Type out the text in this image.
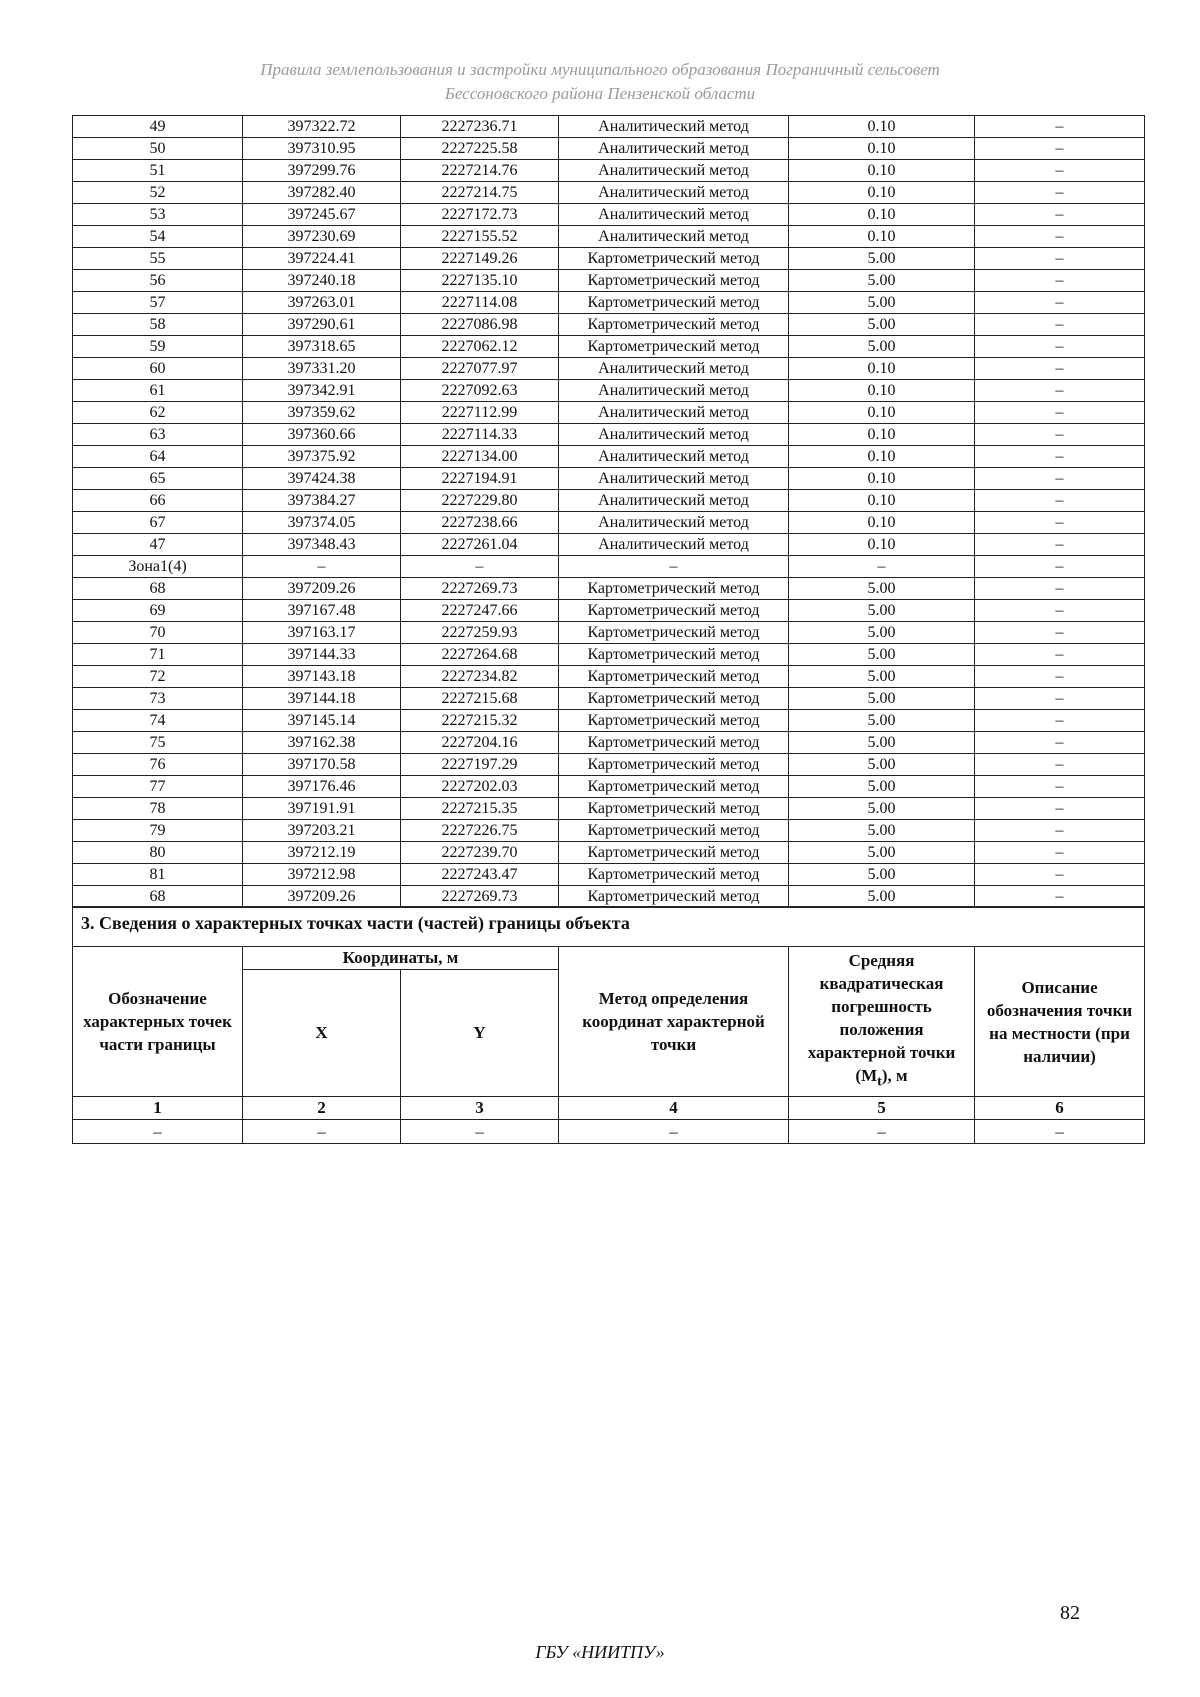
Правила землепользования и застройки муниципального образования Пограничный сельсовет
Бессоновского района Пензенской области
49	397322.72	2227236.71	Аналитический метод	0.10	–
50	397310.95	2227225.58	Аналитический метод	0.10	–
51	397299.76	2227214.76	Аналитический метод	0.10	–
52	397282.40	2227214.75	Аналитический метод	0.10	–
53	397245.67	2227172.73	Аналитический метод	0.10	–
54	397230.69	2227155.52	Аналитический метод	0.10	–
55	397224.41	2227149.26	Картометрический метод	5.00	–
56	397240.18	2227135.10	Картометрический метод	5.00	–
57	397263.01	2227114.08	Картометрический метод	5.00	–
58	397290.61	2227086.98	Картометрический метод	5.00	–
59	397318.65	2227062.12	Картометрический метод	5.00	–
60	397331.20	2227077.97	Аналитический метод	0.10	–
61	397342.91	2227092.63	Аналитический метод	0.10	–
62	397359.62	2227112.99	Аналитический метод	0.10	–
63	397360.66	2227114.33	Аналитический метод	0.10	–
64	397375.92	2227134.00	Аналитический метод	0.10	–
65	397424.38	2227194.91	Аналитический метод	0.10	–
66	397384.27	2227229.80	Аналитический метод	0.10	–
67	397374.05	2227238.66	Аналитический метод	0.10	–
47	397348.43	2227261.04	Аналитический метод	0.10	–
Зона1(4)	–	–	–	–	–
68	397209.26	2227269.73	Картометрический метод	5.00	–
69	397167.48	2227247.66	Картометрический метод	5.00	–
70	397163.17	2227259.93	Картометрический метод	5.00	–
71	397144.33	2227264.68	Картометрический метод	5.00	–
72	397143.18	2227234.82	Картометрический метод	5.00	–
73	397144.18	2227215.68	Картометрический метод	5.00	–
74	397145.14	2227215.32	Картометрический метод	5.00	–
75	397162.38	2227204.16	Картометрический метод	5.00	–
76	397170.58	2227197.29	Картометрический метод	5.00	–
77	397176.46	2227202.03	Картометрический метод	5.00	–
78	397191.91	2227215.35	Картометрический метод	5.00	–
79	397203.21	2227226.75	Картометрический метод	5.00	–
80	397212.19	2227239.70	Картометрический метод	5.00	–
81	397212.98	2227243.47	Картометрический метод	5.00	–
68	397209.26	2227269.73	Картометрический метод	5.00	–
3. Сведения о характерных точках части (частей) границы объекта					
Обозначение характерных точек части границы	Координаты, м		Метод определения координат характерной точки	Средняя квадратическая погрешность положения характерной точки $(М_t)$, м	Описание обозначения точки на местности (при наличии)
	X	Y			
1	2	3	4	5	6
–	–	–	–	–	–
82
ГБУ «НИИТПУ»
